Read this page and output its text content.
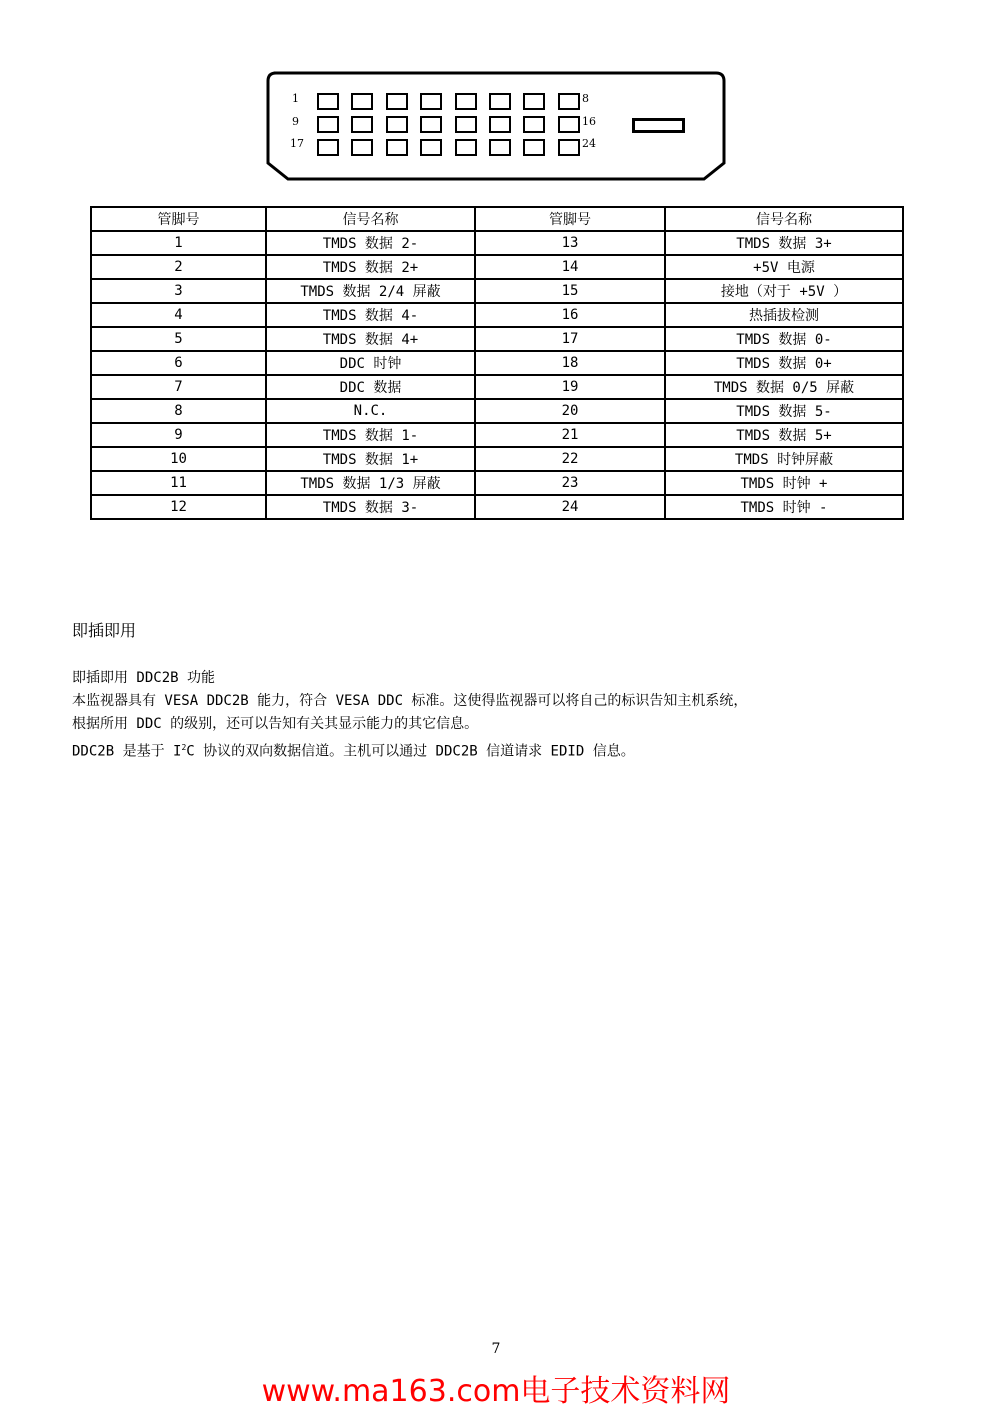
1	8
9	16
17	24
管脚号	信号名称	管脚号	信号名称
1	TMDS 数据 2-	13	TMDS 数据 3+
2	TMDS 数据 2+	14	+5V 电源
3	TMDS 数据 2/4 屏蔽	15	接地（对于 +5V ）
4	TMDS 数据 4-	16	热插拔检测
5	TMDS 数据 4+	17	TMDS 数据 0-
6	DDC 时钟	18	TMDS 数据 0+
7	DDC 数据	19	TMDS 数据 0/5 屏蔽
8	N.C.	20	TMDS 数据 5-
9	TMDS 数据 1-	21	TMDS 数据 5+
10	TMDS 数据 1+	22	TMDS 时钟屏蔽
11	TMDS 数据 1/3 屏蔽	23	TMDS 时钟 +
12	TMDS 数据 3-	24	TMDS 时钟 -
即插即用
即插即用 DDC2B 功能

本监视器具有 VESA DDC2B 能力，符合 VESA DDC 标准。这使得监视器可以将自己的标识告知主机系统，

根据所用 DDC 的级别，还可以告知有关其显示能力的其它信息。

DDC2B 是基于 $I^2C$ 协议的双向数据信道。主机可以通过 DDC2B 信道请求 EDID 信息。

7
www.ma163.com电子技术资料网
